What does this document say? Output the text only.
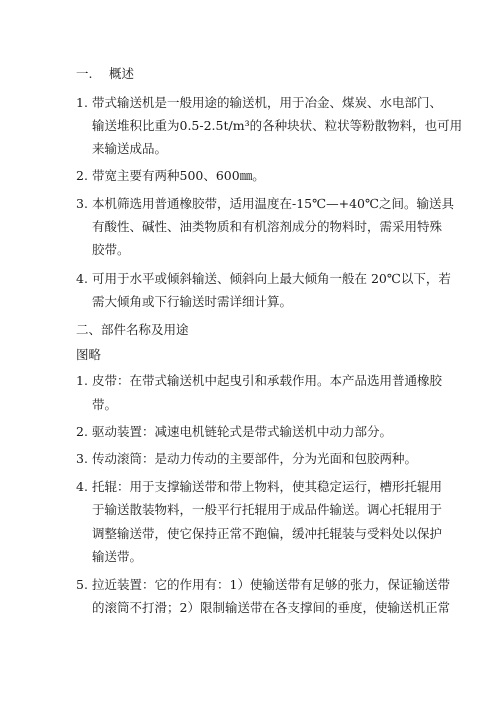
一. 概述
1. 带式输送机是一般用途的输送机，用于冶金、煤炭、水电部门、
输送堆积比重为0.5-2.5t/m³的各种块状、粒状等粉散物料，也可用
来输送成品。
2. 带宽主要有两种500、600㎜。
3. 本机筛选用普通橡胶带，适用温度在-15℃—+40℃之间。输送具
有酸性、碱性、油类物质和有机溶剂成分的物料时，需采用特殊
胶带。
4. 可用于水平或倾斜输送、倾斜向上最大倾角一般在 20℃以下，若
需大倾角或下行输送时需详细计算。
二、部件名称及用途
图略
1. 皮带：在带式输送机中起曳引和承载作用。本产品选用普通橡胶
带。
2. 驱动装置：减速电机链轮式是带式输送机中动力部分。
3. 传动滚筒：是动力传动的主要部件，分为光面和包胶两种。
4. 托辊：用于支撑输送带和带上物料，使其稳定运行，槽形托辊用
于输送散装物料，一般平行托辊用于成品件输送。调心托辊用于
调整输送带，使它保持正常不跑偏，缓冲托辊装与受料处以保护
输送带。
5. 拉近装置：它的作用有：1）使输送带有足够的张力，保证输送带
的滚筒不打滑；2）限制输送带在各支撑间的垂度，使输送机正常
